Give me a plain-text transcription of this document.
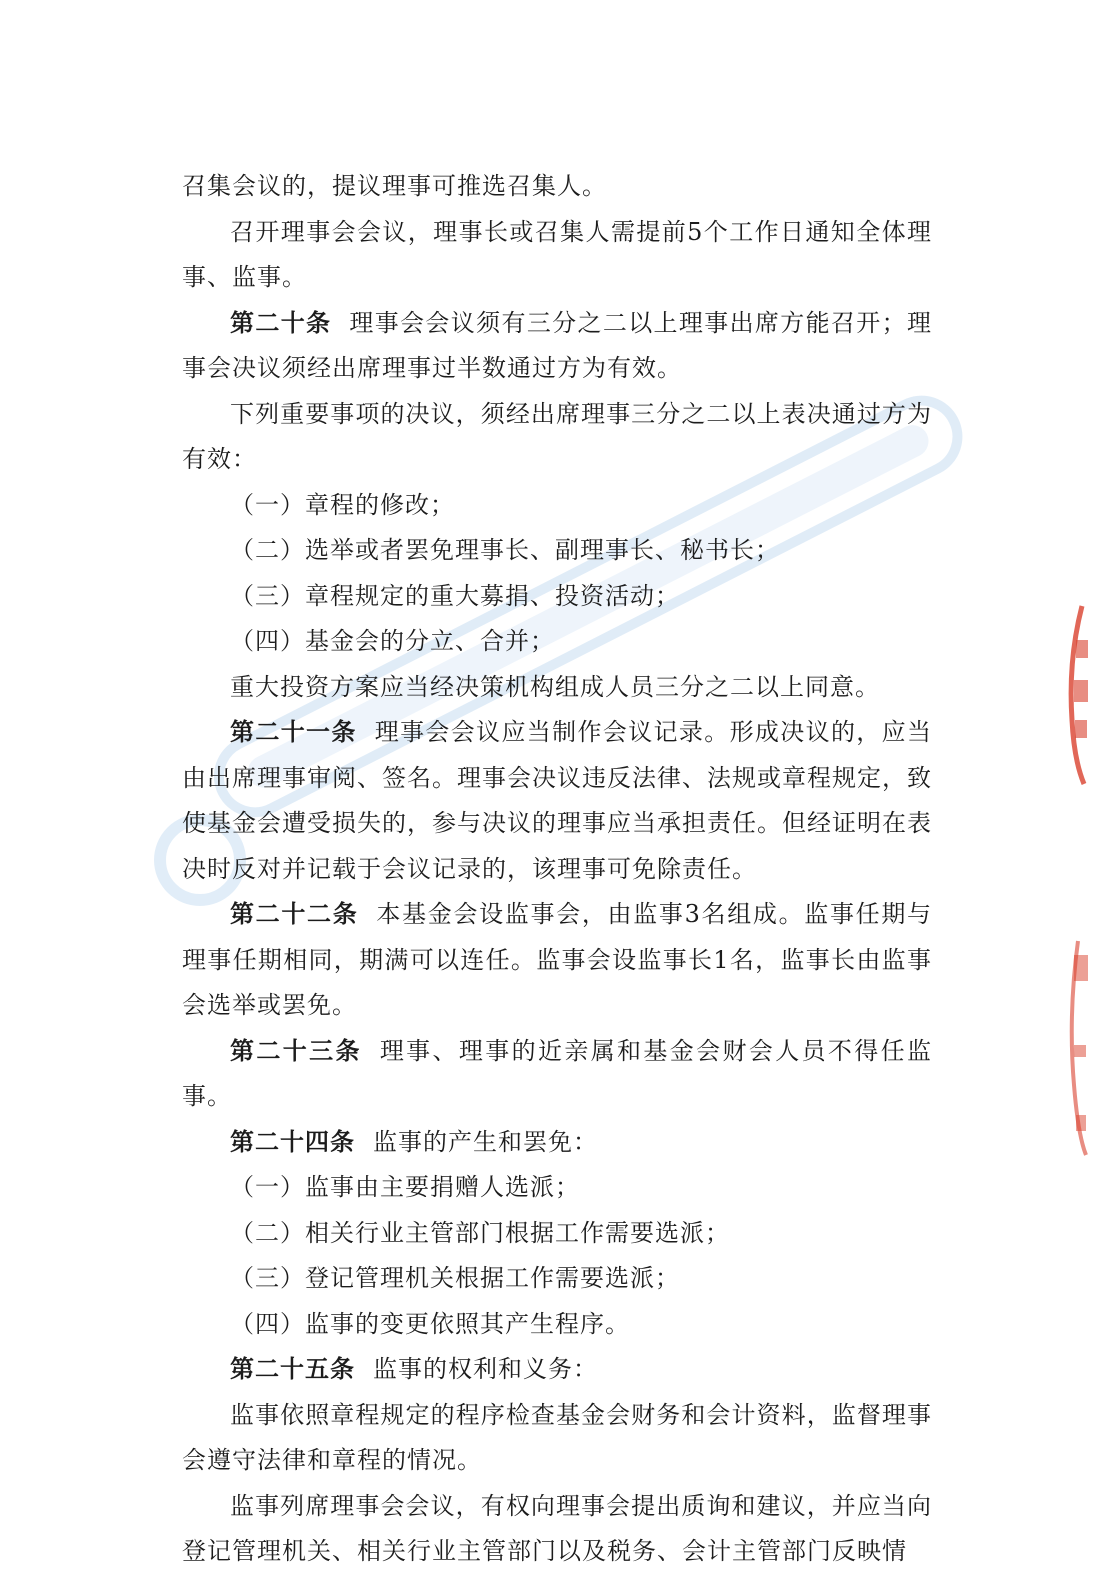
召集会议的，提议理事可推选召集人。

召开理事会会议，理事长或召集人需提前5个工作日通知全体理事、监事。

第二十条 理事会会议须有三分之二以上理事出席方能召开；理事会决议须经出席理事过半数通过方为有效。

下列重要事项的决议，须经出席理事三分之二以上表决通过方为有效：

（一）章程的修改；

（二）选举或者罢免理事长、副理事长、秘书长；

（三）章程规定的重大募捐、投资活动；

（四）基金会的分立、合并；

重大投资方案应当经决策机构组成人员三分之二以上同意。

第二十一条 理事会会议应当制作会议记录。形成决议的，应当由出席理事审阅、签名。理事会决议违反法律、法规或章程规定，致使基金会遭受损失的，参与决议的理事应当承担责任。但经证明在表决时反对并记载于会议记录的，该理事可免除责任。

第二十二条 本基金会设监事会，由监事3名组成。监事任期与理事任期相同，期满可以连任。监事会设监事长1名，监事长由监事会选举或罢免。

第二十三条 理事、理事的近亲属和基金会财会人员不得任监事。

第二十四条 监事的产生和罢免：

（一）监事由主要捐赠人选派；

（二）相关行业主管部门根据工作需要选派；

（三）登记管理机关根据工作需要选派；

（四）监事的变更依照其产生程序。

第二十五条 监事的权利和义务：

监事依照章程规定的程序检查基金会财务和会计资料，监督理事会遵守法律和章程的情况。

监事列席理事会会议，有权向理事会提出质询和建议，并应当向登记管理机关、相关行业主管部门以及税务、会计主管部门反映情
